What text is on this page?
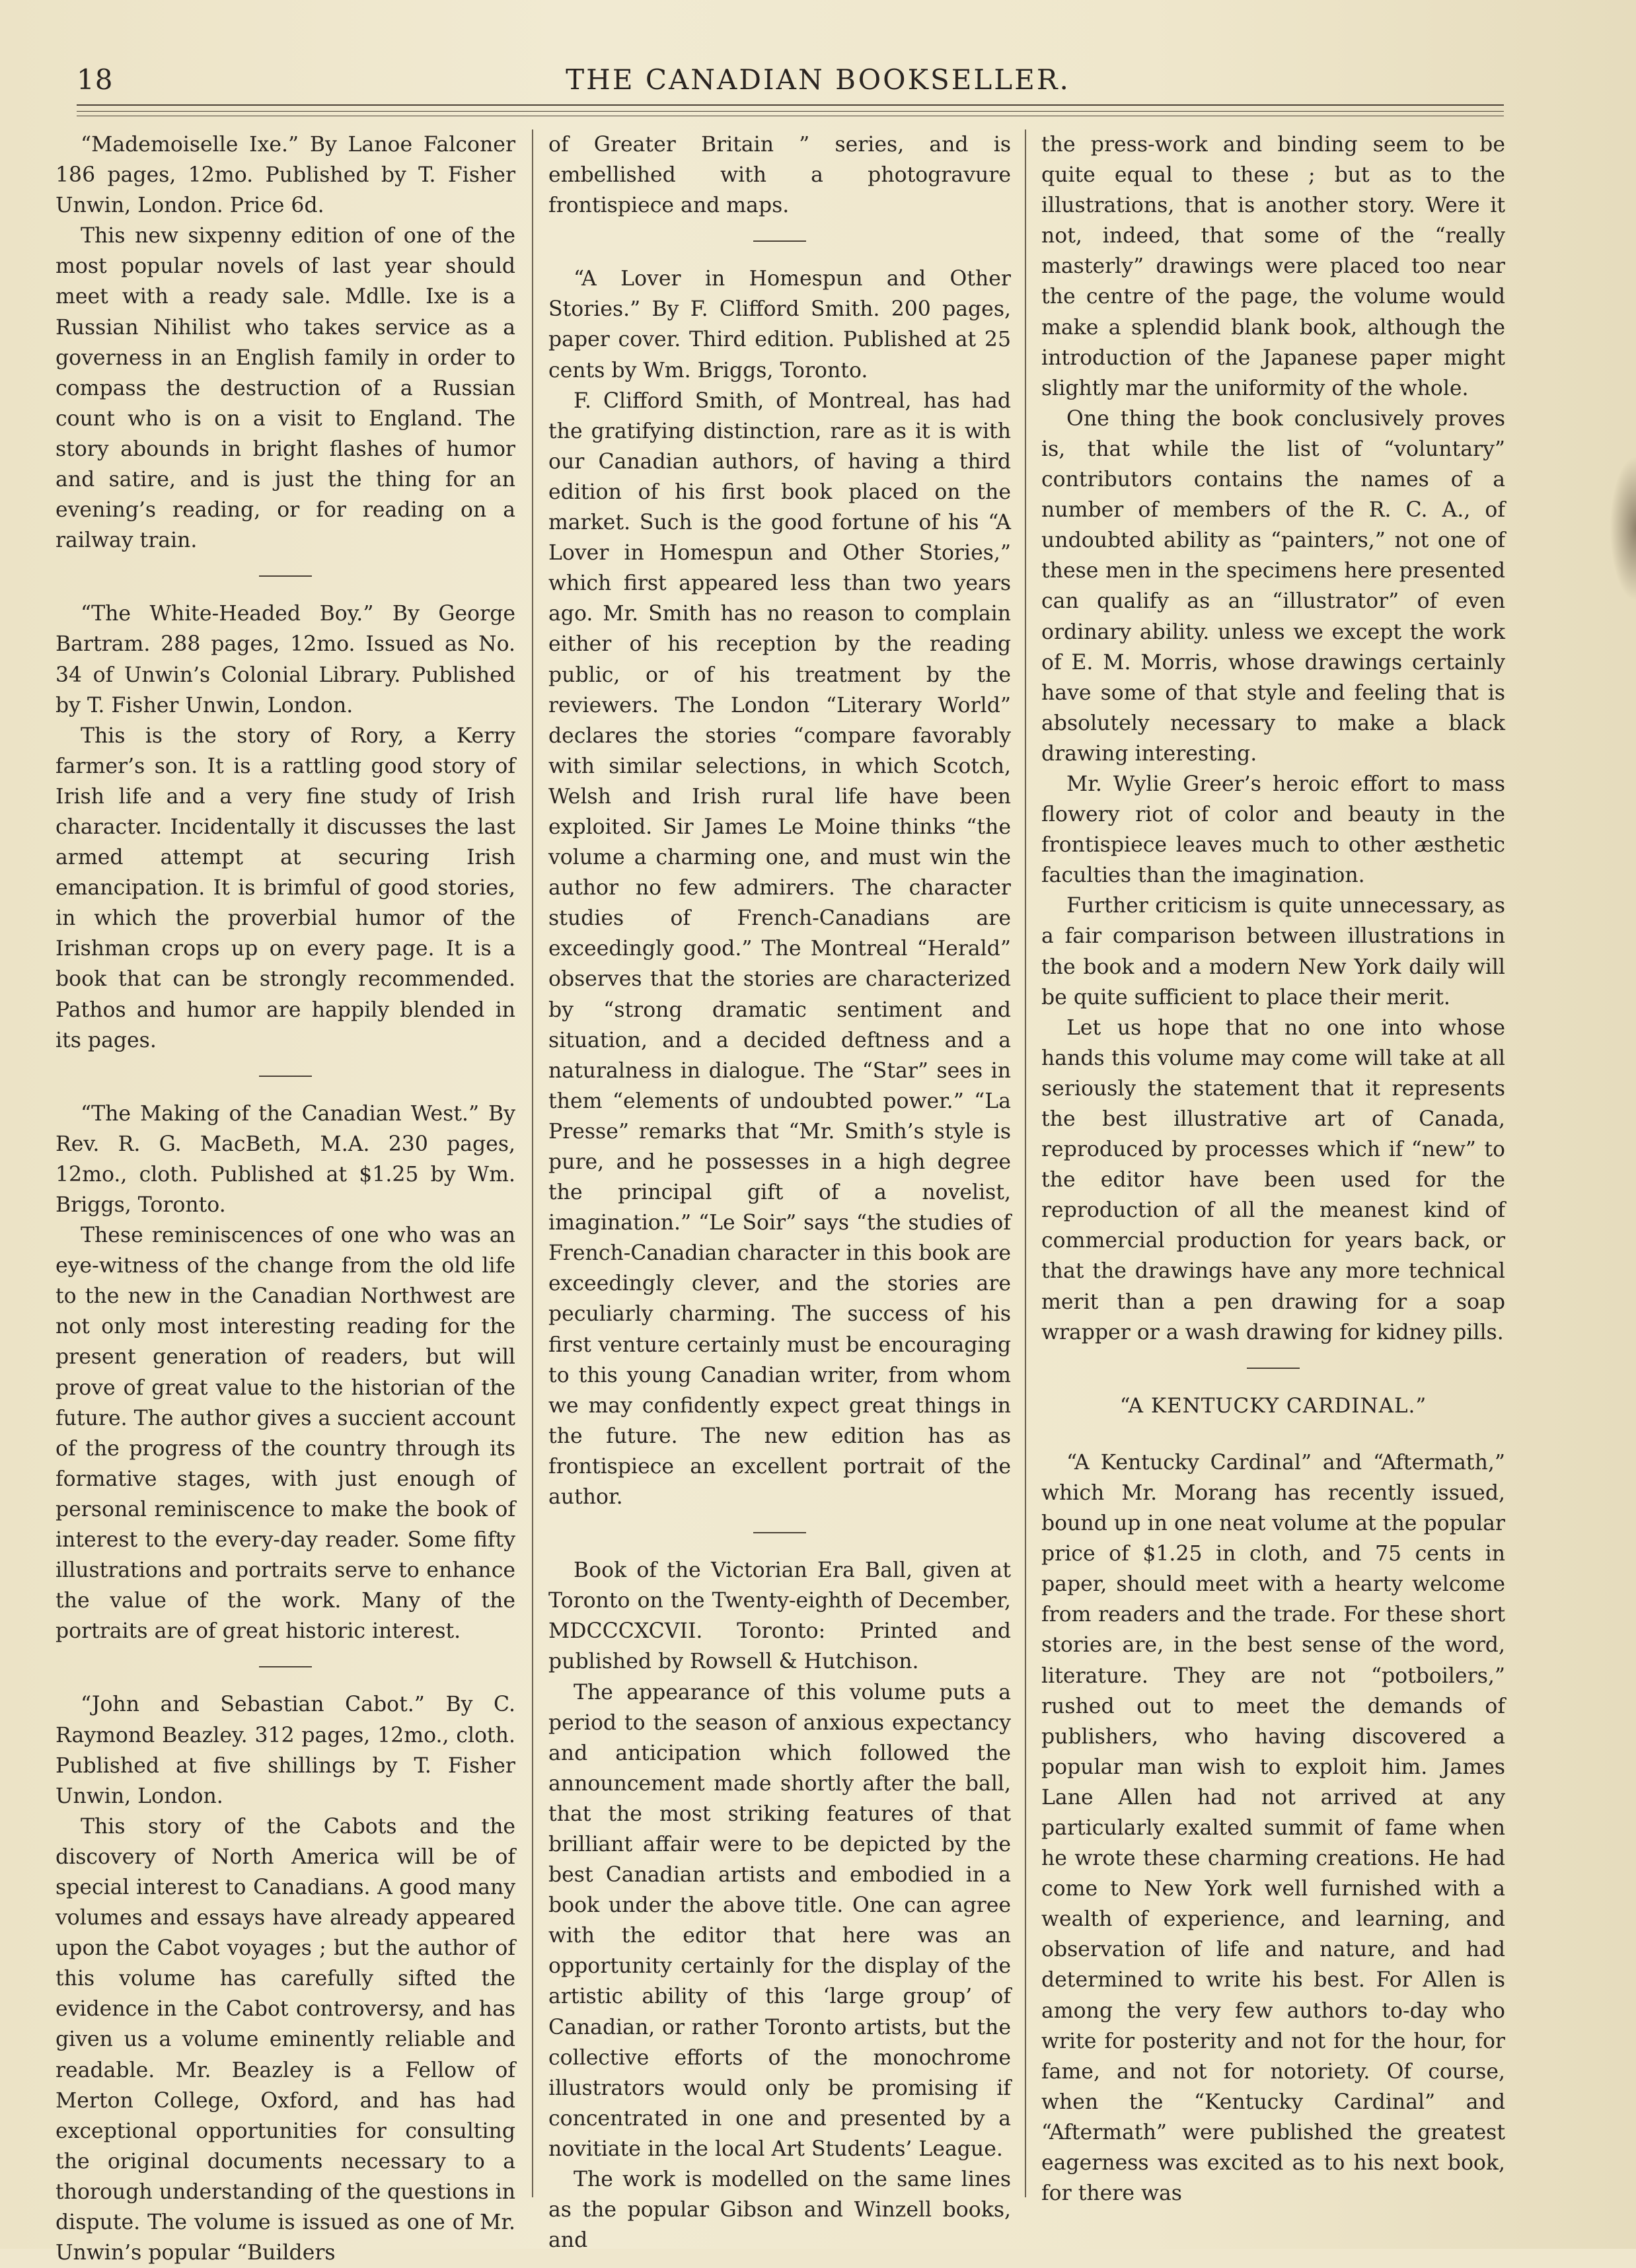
18	THE CANADIAN BOOKSELLER.

“Mademoiselle Ixe.” By Lanoe Falconer 186 pages, 12mo. Published by T. Fisher Unwin, London. Price 6d.

This new sixpenny edition of one of the most popular novels of last year should meet with a ready sale. Mdlle. Ixe is a Russian Nihilist who takes service as a governess in an English family in order to compass the destruction of a Russian count who is on a visit to England. The story abounds in bright flashes of humor and satire, and is just the thing for an evening’s reading, or for reading on a railway train.

“The White-Headed Boy.” By George Bartram. 288 pages, 12mo. Issued as No. 34 of Unwin’s Colonial Library. Published by T. Fisher Unwin, London.

This is the story of Rory, a Kerry farmer’s son. It is a rattling good story of Irish life and a very fine study of Irish character. Incidentally it discusses the last armed attempt at securing Irish emancipation. It is brimful of good stories, in which the proverbial humor of the Irishman crops up on every page. It is a book that can be strongly recommended. Pathos and humor are happily blended in its pages.

“The Making of the Canadian West.” By Rev. R. G. MacBeth, M.A. 230 pages, 12mo., cloth. Published at $1.25 by Wm. Briggs, Toronto.

These reminiscences of one who was an eye-witness of the change from the old life to the new in the Canadian Northwest are not only most interesting reading for the present generation of readers, but will prove of great value to the historian of the future. The author gives a succient account of the progress of the country through its formative stages, with just enough of personal reminiscence to make the book of interest to the every-day reader. Some fifty illustrations and portraits serve to enhance the value of the work. Many of the portraits are of great historic interest.

“John and Sebastian Cabot.” By C. Raymond Beazley. 312 pages, 12mo., cloth. Published at five shillings by T. Fisher Unwin, London.

This story of the Cabots and the discovery of North America will be of special interest to Canadians. A good many volumes and essays have already appeared upon the Cabot voyages ; but the author of this volume has carefully sifted the evidence in the Cabot controversy, and has given us a volume eminently reliable and readable. Mr. Beazley is a Fellow of Merton College, Oxford, and has had exceptional opportunities for consulting the original documents necessary to a thorough understanding of the questions in dispute. The volume is issued as one of Mr. Unwin’s popular “Builders

of Greater Britain ” series, and is embellished with a photogravure frontispiece and maps.

“A Lover in Homespun and Other Stories.” By F. Clifford Smith. 200 pages, paper cover. Third edition. Published at 25 cents by Wm. Briggs, Toronto.

F. Clifford Smith, of Montreal, has had the gratifying distinction, rare as it is with our Canadian authors, of having a third edition of his first book placed on the market. Such is the good fortune of his “A Lover in Homespun and Other Stories,” which first appeared less than two years ago. Mr. Smith has no reason to complain either of his reception by the reading public, or of his treatment by the reviewers. The London “Literary World” declares the stories “compare favorably with similar selections, in which Scotch, Welsh and Irish rural life have been exploited. Sir James Le Moine thinks “the volume a charming one, and must win the author no few admirers. The character studies of French-Canadians are exceedingly good.” The Montreal “Herald” observes that the stories are characterized by “strong dramatic sentiment and situation, and a decided deftness and a naturalness in dialogue. The “Star” sees in them “elements of undoubted power.” “La Presse” remarks that “Mr. Smith’s style is pure, and he possesses in a high degree the principal gift of a novelist, imagination.” “Le Soir” says “the studies of French-Canadian character in this book are exceedingly clever, and the stories are peculiarly charming. The success of his first venture certainly must be encouraging to this young Canadian writer, from whom we may confidently expect great things in the future. The new edition has as frontispiece an excellent portrait of the author.

Book of the Victorian Era Ball, given at Toronto on the Twenty-eighth of December, MDCCCXCVII. Toronto: Printed and published by Rowsell & Hutchison.

The appearance of this volume puts a period to the season of anxious expectancy and anticipation which followed the announcement made shortly after the ball, that the most striking features of that brilliant affair were to be depicted by the best Canadian artists and embodied in a book under the above title. One can agree with the editor that here was an opportunity certainly for the display of the artistic ability of this ‘large group’ of Canadian, or rather Toronto artists, but the collective efforts of the monochrome illustrators would only be promising if concentrated in one and presented by a novitiate in the local Art Students’ League.

The work is modelled on the same lines as the popular Gibson and Winzell books, and

the press-work and binding seem to be quite equal to these ; but as to the illustrations, that is another story. Were it not, indeed, that some of the “really masterly” drawings were placed too near the centre of the page, the volume would make a splendid blank book, although the introduction of the Japanese paper might slightly mar the uniformity of the whole.

One thing the book conclusively proves is, that while the list of “voluntary” contributors contains the names of a number of members of the R. C. A., of undoubted ability as “painters,” not one of these men in the specimens here presented can qualify as an “illustrator” of even ordinary ability. unless we except the work of E. M. Morris, whose drawings certainly have some of that style and feeling that is absolutely necessary to make a black drawing interesting.

Mr. Wylie Greer’s heroic effort to mass flowery riot of color and beauty in the frontispiece leaves much to other æsthetic faculties than the imagination.

Further criticism is quite unnecessary, as a fair comparison between illustrations in the book and a modern New York daily will be quite sufficient to place their merit.

Let us hope that no one into whose hands this volume may come will take at all seriously the statement that it represents the best illustrative art of Canada, reproduced by processes which if “new” to the editor have been used for the reproduction of all the meanest kind of commercial production for years back, or that the drawings have any more technical merit than a pen drawing for a soap wrapper or a wash drawing for kidney pills.

“A KENTUCKY CARDINAL.”

“A Kentucky Cardinal” and “Aftermath,” which Mr. Morang has recently issued, bound up in one neat volume at the popular price of $1.25 in cloth, and 75 cents in paper, should meet with a hearty welcome from readers and the trade. For these short stories are, in the best sense of the word, literature. They are not “potboilers,” rushed out to meet the demands of publishers, who having discovered a popular man wish to exploit him. James Lane Allen had not arrived at any particularly exalted summit of fame when he wrote these charming creations. He had come to New York well furnished with a wealth of experience, and learning, and observation of life and nature, and had determined to write his best. For Allen is among the very few authors to-day who write for posterity and not for the hour, for fame, and not for notoriety. Of course, when the “Kentucky Cardinal” and “Aftermath” were published the greatest eagerness was excited as to his next book, for there was
